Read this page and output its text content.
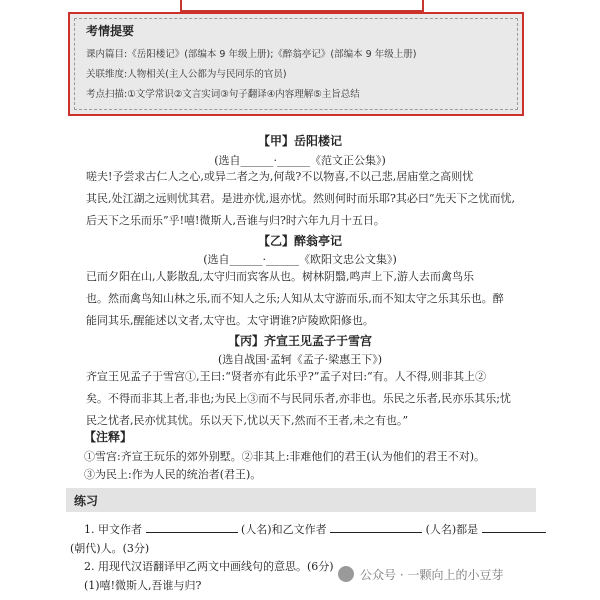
考情提要
课内篇目:《岳阳楼记》(部编本 9 年级上册);《醉翁亭记》(部编本 9 年级上册)
关联维度:人物相关(主人公都为与民同乐的官员)
考点扫描:①文学常识②文言实词③句子翻译④内容理解⑤主旨总结
【甲】岳阳楼记
(选自______·______《范文正公集》)

嗟夫!予尝求古仁人之心,或异二者之为,何哉?不以物喜,不以己悲,居庙堂之高则忧

其民,处江湖之远则忧其君。是进亦忧,退亦忧。然则何时而乐耶?其必曰“先天下之忧而忧,

后天下之乐而乐”乎!嘻!微斯人,吾谁与归?时六年九月十五日。

【乙】醉翁亭记
(选自______·______《欧阳文忠公文集》)

已而夕阳在山,人影散乱,太守归而宾客从也。树林阴翳,鸣声上下,游人去而禽鸟乐

也。然而禽鸟知山林之乐,而不知人之乐;人知从太守游而乐,而不知太守之乐其乐也。醉

能同其乐,醒能述以文者,太守也。太守谓谁?庐陵欧阳修也。

【丙】齐宣王见孟子于雪宫
(选自战国·孟轲《孟子·梁惠王下》)

齐宣王见孟子于雪宫①,王曰:“贤者亦有此乐乎?”孟子对曰:“有。人不得,则非其上②

矣。不得而非其上者,非也;为民上③而不与民同乐者,亦非也。乐民之乐者,民亦乐其乐;忧

民之忧者,民亦忧其忧。乐以天下,忧以天下,然而不王者,未之有也。”

【注释】
①雪宫:齐宣王玩乐的郊外别墅。②非其上:非难他们的君王(认为他们的君王不对)。
③为民上:作为人民的统治者(君王)。
练习
1. 甲文作者	(人名)和乙文作者	(人名)都是
(朝代)人。(3分)
2. 用现代汉语翻译甲乙两文中画线句的意思。(6分)
(1)嘻!微斯人,吾谁与归?
公众号 · 一颗向上的小豆芽
